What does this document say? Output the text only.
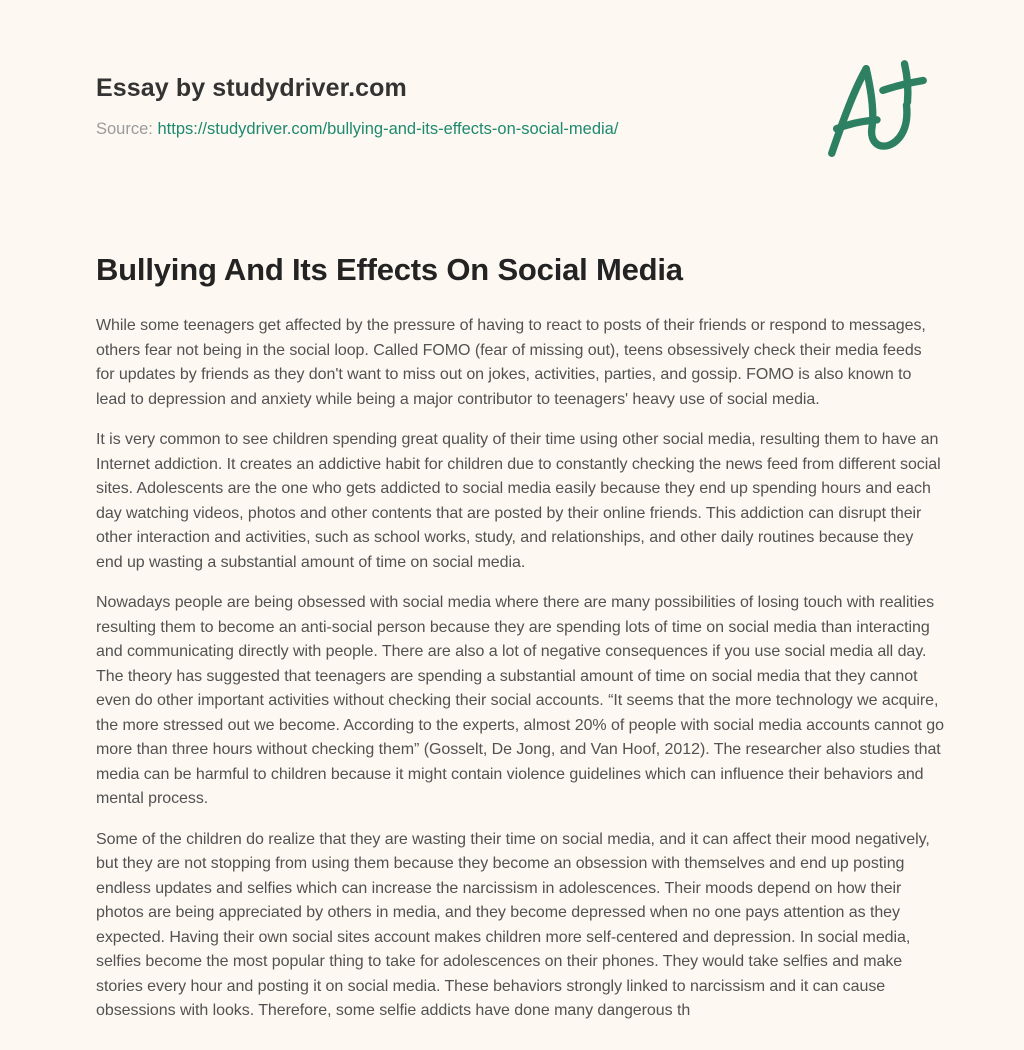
Essay by studydriver.com
Source: https://studydriver.com/bullying-and-its-effects-on-social-media/
Bullying And Its Effects On Social Media

While some teenagers get affected by the pressure of having to react to posts of their friends or respond to messages, others fear not being in the social loop. Called FOMO (fear of missing out), teens obsessively check their media feeds for updates by friends as they don't want to miss out on jokes, activities, parties, and gossip. FOMO is also known to lead to depression and anxiety while being a major contributor to teenagers' heavy use of social media.

It is very common to see children spending great quality of their time using other social media, resulting them to have an Internet addiction. It creates an addictive habit for children due to constantly checking the news feed from different social sites. Adolescents are the one who gets addicted to social media easily because they end up spending hours and each day watching videos, photos and other contents that are posted by their online friends. This addiction can disrupt their other interaction and activities, such as school works, study, and relationships, and other daily routines because they end up wasting a substantial amount of time on social media.

Nowadays people are being obsessed with social media where there are many possibilities of losing touch with realities resulting them to become an anti-social person because they are spending lots of time on social media than interacting and communicating directly with people. There are also a lot of negative consequences if you use social media all day. The theory has suggested that teenagers are spending a substantial amount of time on social media that they cannot even do other important activities without checking their social accounts. “It seems that the more technology we acquire, the more stressed out we become. According to the experts, almost 20% of people with social media accounts cannot go more than three hours without checking them” (Gosselt, De Jong, and Van Hoof, 2012). The researcher also studies that media can be harmful to children because it might contain violence guidelines which can influence their behaviors and mental process.

Some of the children do realize that they are wasting their time on social media, and it can affect their mood negatively, but they are not stopping from using them because they become an obsession with themselves and end up posting endless updates and selfies which can increase the narcissism in adolescences. Their moods depend on how their photos are being appreciated by others in media, and they become depressed when no one pays attention as they expected. Having their own social sites account makes children more self-centered and depression. In social media, selfies become the most popular thing to take for adolescences on their phones. They would take selfies and make stories every hour and posting it on social media. These behaviors strongly linked to narcissism and it can cause obsessions with looks. Therefore, some selfie addicts have done many dangerous th
